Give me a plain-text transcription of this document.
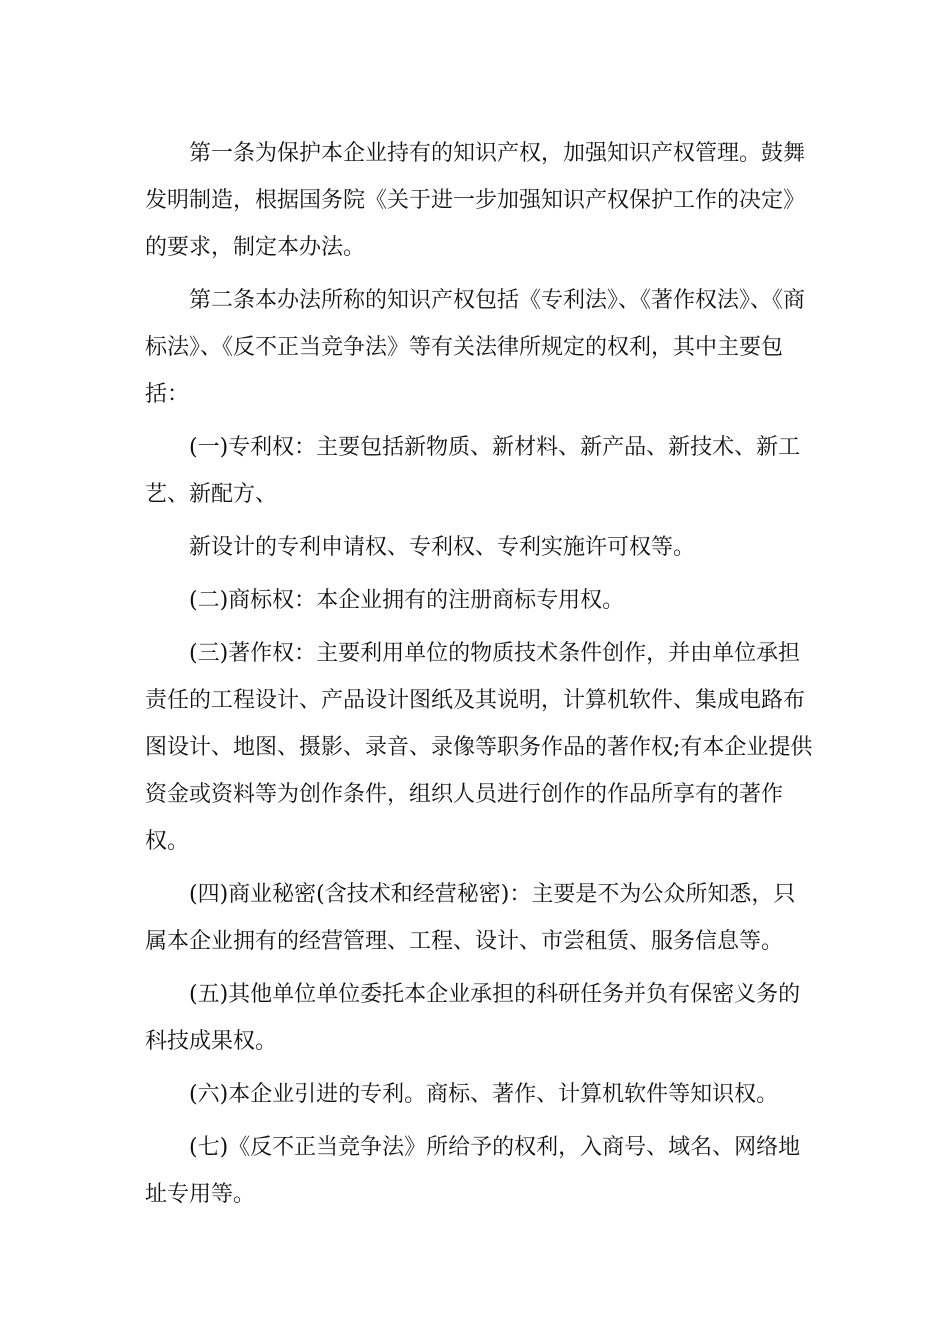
第一条为保护本企业持有的知识产权，加强知识产权管理。鼓舞发明制造，根据国务院《关于进一步加强知识产权保护工作的决定》的要求，制定本办法。

第二条本办法所称的知识产权包括《专利法》、《著作权法》、《商标法》、《反不正当竞争法》等有关法律所规定的权利，其中主要包括：

(一)专利权：主要包括新物质、新材料、新产品、新技术、新工艺、新配方、

新设计的专利申请权、专利权、专利实施许可权等。

(二)商标权：本企业拥有的注册商标专用权。

(三)著作权：主要利用单位的物质技术条件创作，并由单位承担责任的工程设计、产品设计图纸及其说明，计算机软件、集成电路布图设计、地图、摄影、录音、录像等职务作品的著作权;有本企业提供资金或资料等为创作条件，组织人员进行创作的作品所享有的著作权。

(四)商业秘密(含技术和经营秘密)：主要是不为公众所知悉，只属本企业拥有的经营管理、工程、设计、市尝租赁、服务信息等。

(五)其他单位单位委托本企业承担的科研任务并负有保密义务的科技成果权。

(六)本企业引进的专利。商标、著作、计算机软件等知识权。

(七)《反不正当竞争法》所给予的权利，入商号、域名、网络地址专用等。
